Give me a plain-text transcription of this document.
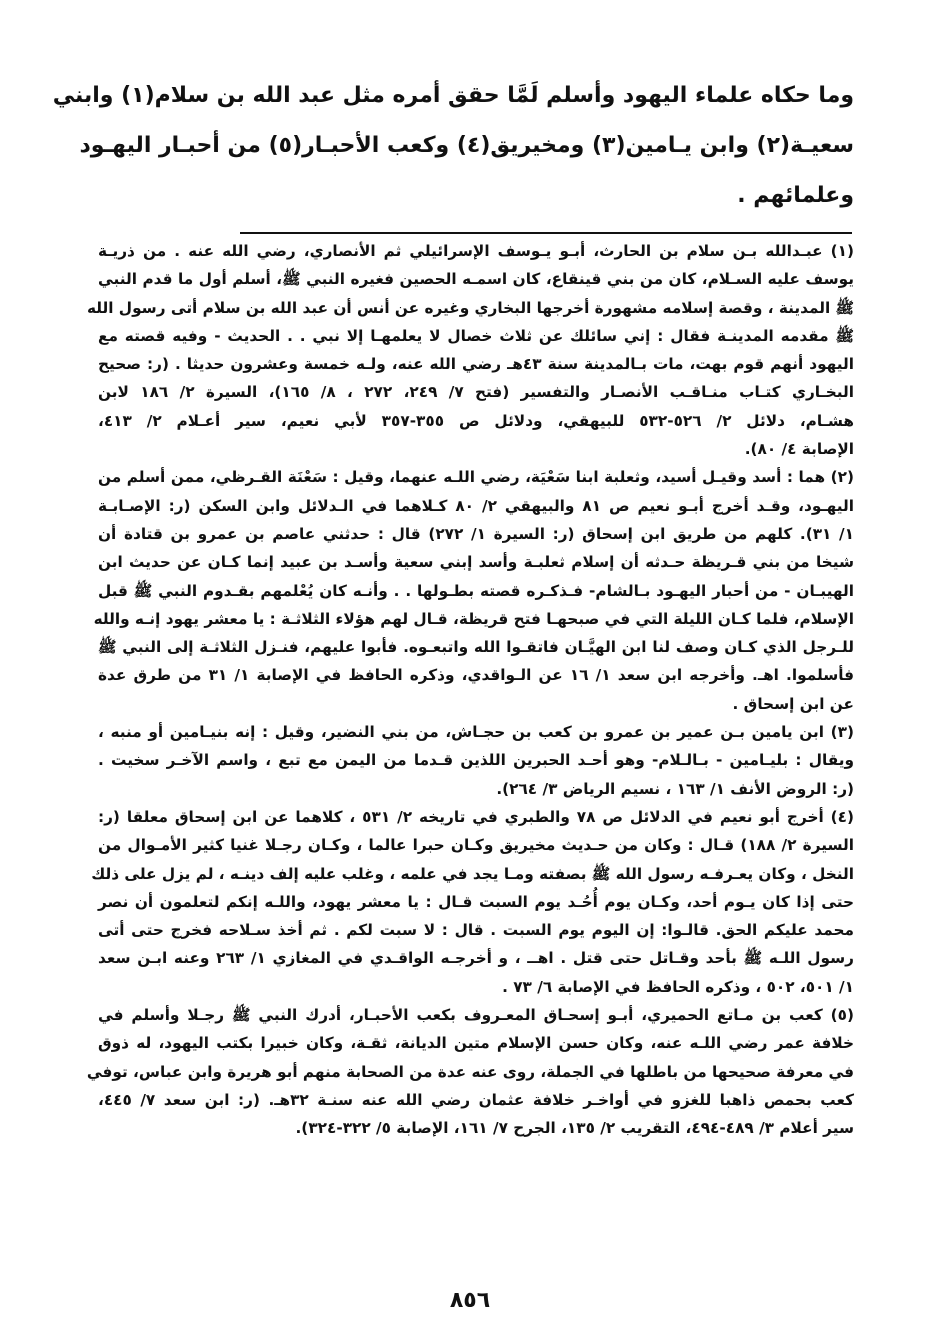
وما حكاه علماء اليهود وأسلم لَمَّا حقق أمره مثل عبد الله بن سلام(١) وابني
سعيـة(٢) وابن يـامين(٣) ومخيريق(٤) وكعب الأحبـار(٥) من أحبـار اليهـود
وعلمائهم .
(١) عبـدالله بـن سلام بن الحارث، أبـو يـوسف الإسرائيلي ثم الأنصاري، رضي الله عنه . من ذريـة
يوسف عليه السـلام، كان من بني قينقاع، كان اسمـه الحصين فغيره النبي ﷺ، أسلم أول ما قدم النبي
ﷺ المدينة ، وقصة إسلامه مشهورة أخرجها البخاري وغيره عن أنس أن عبد الله بن سلام أتى رسول الله
ﷺ مقدمه المدينـة فقال : إني سائلك عن ثلاث خصال لا يعلمهـا إلا نبي . . الحديث - وفيه قصته مع
اليهود أنهم قوم بهت، مات بـالمدينة سنة ٤٣هـ رضي الله عنه، ولـه خمسة وعشرون حديثا . (ر: صحيح
البخـاري كتـاب منـاقـب الأنصـار والتفسير (فتح ٧/ ٢٤٩، ٢٧٢ ، ٨/ ١٦٥)، السيرة ٢/ ١٨٦ لابن
هشـام، دلائل ٢/ ٥٢٦-٥٣٢ للبيهقي، ودلائل ص ٣٥٥-٣٥٧ لأبي نعيم، سير أعـلام ٢/ ٤١٣،
الإصابة ٤/ ٨٠).
(٢) هما : أسد وقيـل أسيد، وثعلبة ابنا سَعْيَة، رضي اللـه عنهما، وقيل : سَعْنَة القـرظي، ممن أسلم من
اليهـود، وقـد أخرج أبـو نعيم ص ٨١ والبيهقي ٢/ ٨٠ كـلاهما في الـدلائل وابن السكن (ر: الإصـابـة
١/ ٣١). كلهم من طريق ابن إسحاق (ر: السيرة ١/ ٢٧٢) قال : حدثني عاصم بن عمرو بن قتادة أن
شيخا من بني قـريظة حـدثه أن إسلام ثعلبـة وأسد إبني سعية وأسـد بن عبيد إنما كـان عن حديث ابن
الهيبـان - من أحبار اليهـود بـالشام- فـذكـره قصته بطـولها . . وأنـه كان يُعْلمهم بقـدوم النبي ﷺ قبل
الإسلام، فلما كـان الليلة التي في صبحهـا فتح قريظة، قـال لهم هؤلاء الثلاثـة : يا معشر يهود إنـه والله
للـرجل الذي كـان وصف لنا ابن الهيَّـان فاتقـوا الله واتبعـوه. فأبوا عليهم، فنـزل الثلاثـة إلى النبي ﷺ
فأسلموا. اهـ. وأخرجه ابن سعد ١/ ١٦ عن الـواقدي، وذكره الحافظ في الإصابة ١/ ٣١ من طرق عدة
عن ابن إسحاق .
(٣) ابن يامين بـن عمير بن عمرو بن كعب بن حجـاش، من بني النضير، وقيل : إنه بنيـامين أو منبه ،
ويقال : بليـامين - بـالـلام- وهو أحـد الحبرين اللذين قـدما من اليمن مع تبع ، واسم الآخـر سخيت .
(ر: الروض الأنف ١/ ١٦٣ ، نسيم الرياض ٣/ ٢٦٤).
(٤) أخرج أبو نعيم في الدلائل ص ٧٨ والطبري في تاريخه ٢/ ٥٣١ ، كلاهما عن ابن إسحاق معلقا (ر:
السيرة ٢/ ١٨٨) قـال : وكان من حـديث مخيريق وكـان حبرا عالما ، وكـان رجـلا غنيا كثير الأمـوال من
النخل ، وكان يعـرفـه رسول الله ﷺ بصفته ومـا يجد في علمه ، وغلب عليه إلف دينـه ، لم يزل على ذلك
حتى إذا كان يـوم أحد، وكـان يوم أُحُـد يوم السبت قـال : يا معشر يهود، واللـه إنكم لتعلمون أن نصر
محمد عليكم الحق. قالـوا: إن اليوم يوم السبت . قال : لا سبت لكم . ثم أخذ سـلاحه فخرج حتى أتى
رسول اللـه ﷺ بأحد وقـاتل حتى قتل . اهــ ، و أخرجـه الواقـدي في المغازي ١/ ٢٦٣ وعنه ابـن سعد
١/ ٥٠١، ٥٠٢ ، وذكره الحافظ في الإصابة ٦/ ٧٣ .
(٥) كعب بن مـاتع الحميري، أبـو إسحـاق المعـروف بكعب الأحبـار، أدرك النبي ﷺ رجـلا وأسلم في
خلافة عمر رضي اللـه عنه، وكان حسن الإسلام متين الديانة، ثقـة، وكان خبيرا بكتب اليهود، له ذوق
في معرفة صحيحها من باطلها في الجملة، روى عنه عدة من الصحابة منهم أبو هريرة وابن عباس، توفي
كعب بحمص ذاهبا للغزو في أواخـر خلافة عثمان رضي الله عنه سنـة ٣٢هـ. (ر: ابن سعد ٧/ ٤٤٥،
سير أعلام ٣/ ٤٨٩-٤٩٤، التقريب ٢/ ١٣٥، الجرح ٧/ ١٦١، الإصابة ٥/ ٣٢٢-٣٢٤).
٨٥٦
